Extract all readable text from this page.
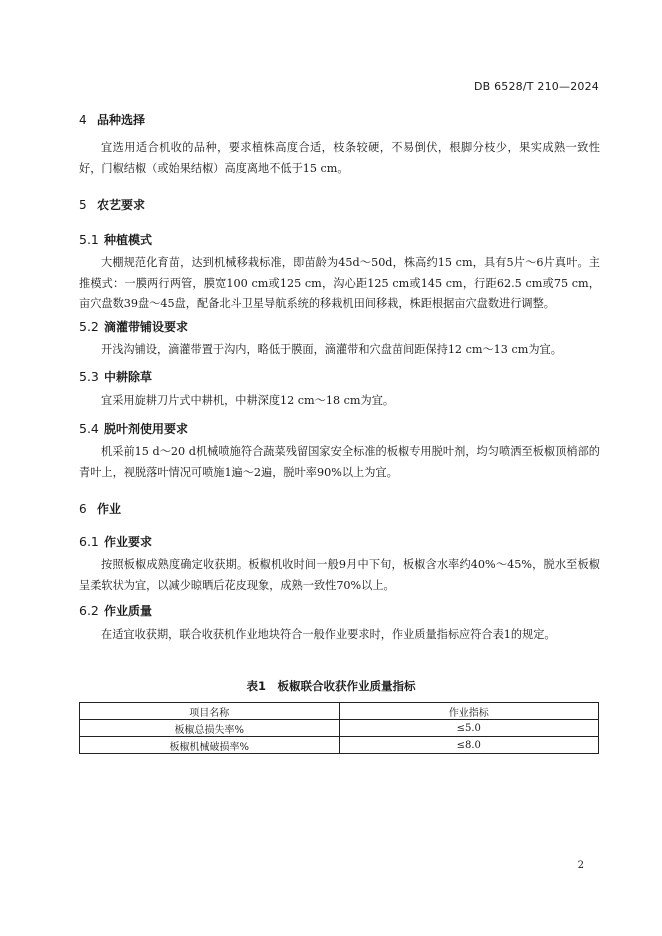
DB 6528/T 210—2024
4 品种选择

宜选用适合机收的品种，要求植株高度合适，枝条较硬，不易倒伏，根脚分枝少，果实成熟一致性好，门椒结椒（或始果结椒）高度离地不低于15 cm。

5 农艺要求
5.1 种植模式

大棚规范化育苗，达到机械移栽标准，即苗龄为45d～50d，株高约15 cm，具有5片～6片真叶。主推模式：一膜两行两管，膜宽100 cm或125 cm，沟心距125 cm或145 cm，行距62.5 cm或75 cm，亩穴盘数39盘～45盘，配备北斗卫星导航系统的移栽机田间移栽，株距根据亩穴盘数进行调整。

5.2 滴灌带铺设要求

开浅沟铺设，滴灌带置于沟内，略低于膜面，滴灌带和穴盘苗间距保持12 cm～13 cm为宜。

5.3 中耕除草

宜采用旋耕刀片式中耕机，中耕深度12 cm～18 cm为宜。

5.4 脱叶剂使用要求

机采前15 d～20 d机械喷施符合蔬菜残留国家安全标准的板椒专用脱叶剂，均匀喷洒至板椒顶梢部的青叶上，视脱落叶情况可喷施1遍～2遍，脱叶率90%以上为宜。

6 作业
6.1 作业要求

按照板椒成熟度确定收获期。板椒机收时间一般9月中下旬，板椒含水率约40%～45%，脱水至板椒呈柔软状为宜，以减少晾晒后花皮现象，成熟一致性70%以上。

6.2 作业质量

在适宜收获期，联合收获机作业地块符合一般作业要求时，作业质量指标应符合表1的规定。

表1　板椒联合收获作业质量指标
项目名称	作业指标
板椒总损失率%	≤5.0
板椒机械破损率%	≤8.0
2
